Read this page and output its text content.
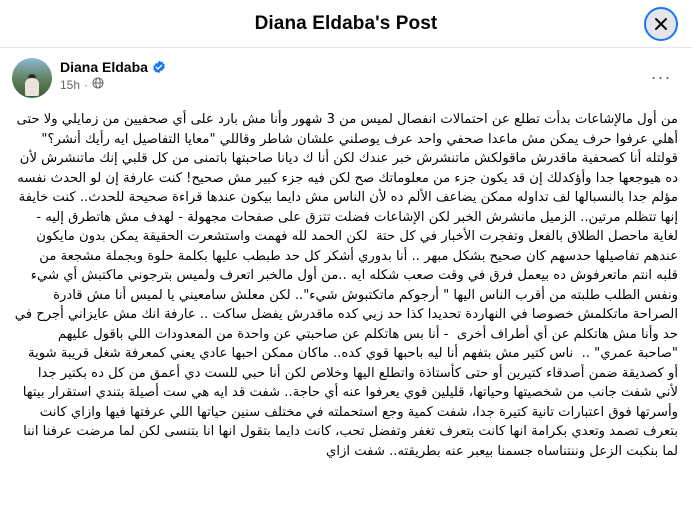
Diana Eldaba's Post
Diana Eldaba
15h ·	···
من أول مالإشاعات بدأت تطلع عن احتمالات انفصال لميس من 3 شهور وأنا مش بارد على أي صحفيين من زمايلي ولا حتى أهلي عرفوا حرف يمكن مش ماعدا صحفي واحد عرف يوصلني علشان شاطر وقاللي "معايا التفاصيل ايه رأيك أنشر؟" قولتله أنا كصحفية ماقدرش ماقولكش ماتنشرش خبر عندك لكن أنا ك ديانا صاحبتها باتمنى من كل قلبي إنك ماتنشرش لأن ده هيوجعها جدا وأؤكدلك إن قد يكون جزء من معلوماتك صح لكن فيه جزء كبير مش صحيح! كنت عارفة إن لو الحدث نفسه مؤلم جدا بالنسبالها لف تداوله ممكن يضاعف الألم ده لأن الناس مش دايما بيكون عندها قراءة صحيحة للحدث.. كنت خايفة إنها تتظلم مرتين.. الزميل مانشرش الخبر لكن الإشاعات فضلت تتزق على صفحات مجهولة - لهدف مش هاتطرق إليه - لغاية ماحصل الطلاق بالفعل وتفجرت الأخبار في كل حتة  لكن الحمد لله فهمت واستشعرت الحقيقة يمكن بدون مايكون عندهم تفاصيلها حدسهم كان صحيح بشكل مبهر .. أنا بدوري أشكر كل حد طبطب عليها بكلمة حلوة وبجملة مشجعة من قلبه انتم ماتعرفوش ده بيعمل فرق في وقت صعب شكله ايه ..من أول مالخبر اتعرف ولميس بترجوني ماكتبش أي شيء ونفس الطلب طلبته من أقرب الناس اليها " أرجوكم ماتكتبوش شيء".. لكن معلش سامعيني يا لميس أنا مش قادرة الصراحة ماتكلمش خصوصا في النهاردة تحديدا كذا حد زيي كده ماقدرش يفضل ساكت .. عارفة انك مش عايزاني أجرح في حد وأنا مش هاتكلم عن أي أطراف أخرى  - أنا بس هاتكلم عن صاحبتي عن واحدة من المعدودات اللي باقول عليهم "صاحبة عمري" ..  ناس كتير مش بتفهم أنا ليه باحبها قوي كده.. ماكان ممكن احبها عادي يعني كمعرفة شغل قريبة شوية أو كصديقة ضمن أصدقاء كتيرين أو حتى كأستاذة واتطلع اليها وخلاص لكن أنا حبي للست دي أعمق من كل ده بكتير جدا لأني شفت جانب من شخصيتها وحياتها، قليلين قوي يعرفوا عنه أي حاجة.. شفت قد ايه هي ست أصيلة بتندي استقرار بيتها وأسرتها فوق اعتبارات تانية كتيرة جدا، شفت كمية وجع استحملته في مختلف سنين حياتها اللي عرفتها فيها وازاي كانت بتعرف تصمد وتعدي بكرامة انها كانت بتعرف تغفر وتفضل تحب، كانت دايما بتقول انها انا بتنسى لكن لما مرضت عرفنا اننا لما بنكبت الزعل وننتناساه جسمنا بيعبر عنه بطريقته.. شفت ازاي
